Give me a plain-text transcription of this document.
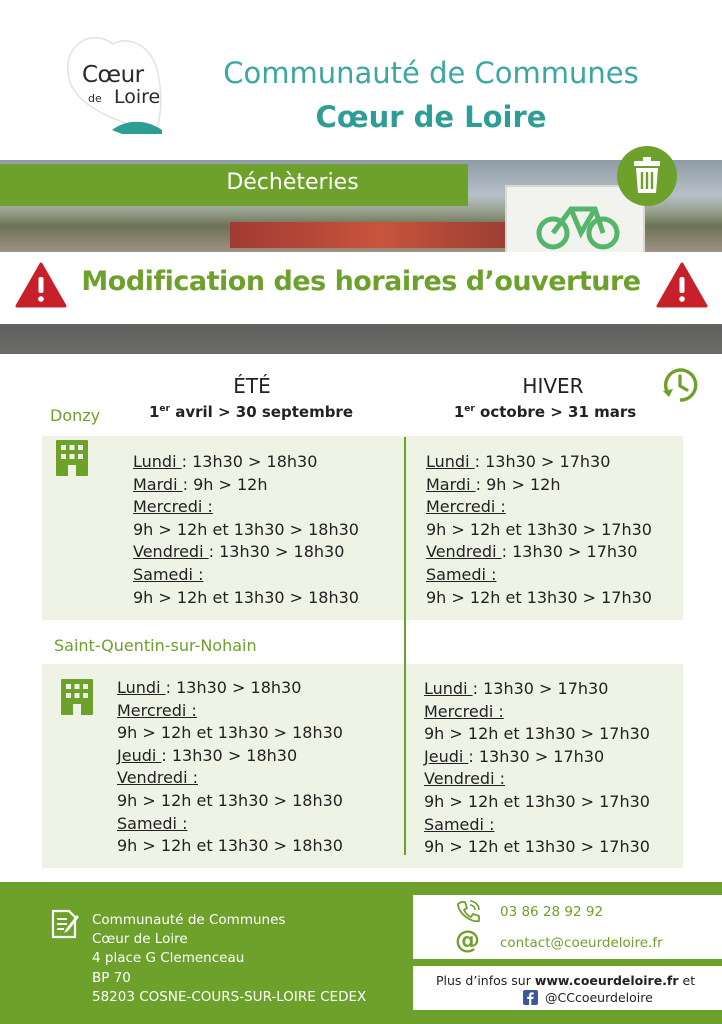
Cœur
de Loire
Communauté de Communes
Cœur de Loire
Déchèteries
Modification des horaires d’ouverture
ÉTÉ
1er avril > 30 septembre
HIVER
1er octobre > 31 mars
Donzy
Lundi : 13h30 > 18h30
Mardi : 9h > 12h
Mercredi :
9h > 12h et 13h30 > 18h30
Vendredi : 13h30 > 18h30
Samedi :
9h > 12h et 13h30 > 18h30
Lundi : 13h30 > 17h30
Mardi : 9h > 12h
Mercredi :
9h > 12h et 13h30 > 17h30
Vendredi : 13h30 > 17h30
Samedi :
9h > 12h et 13h30 > 17h30
Saint-Quentin-sur-Nohain
Lundi : 13h30 > 18h30
Mercredi :
9h > 12h et 13h30 > 18h30
Jeudi : 13h30 > 18h30
Vendredi :
9h > 12h et 13h30 > 18h30
Samedi :
9h > 12h et 13h30 > 18h30
Lundi : 13h30 > 17h30
Mercredi :
9h > 12h et 13h30 > 17h30
Jeudi : 13h30 > 17h30
Vendredi :
9h > 12h et 13h30 > 17h30
Samedi :
9h > 12h et 13h30 > 17h30
Communauté de Communes
Cœur de Loire
4 place G Clemenceau
BP 70
58203 COSNE-COURS-SUR-LOIRE CEDEX
03 86 28 92 92
@ contact@coeurdeloire.fr
Plus d’infos sur www.coeurdeloire.fr et
@CCcoeurdeloire
